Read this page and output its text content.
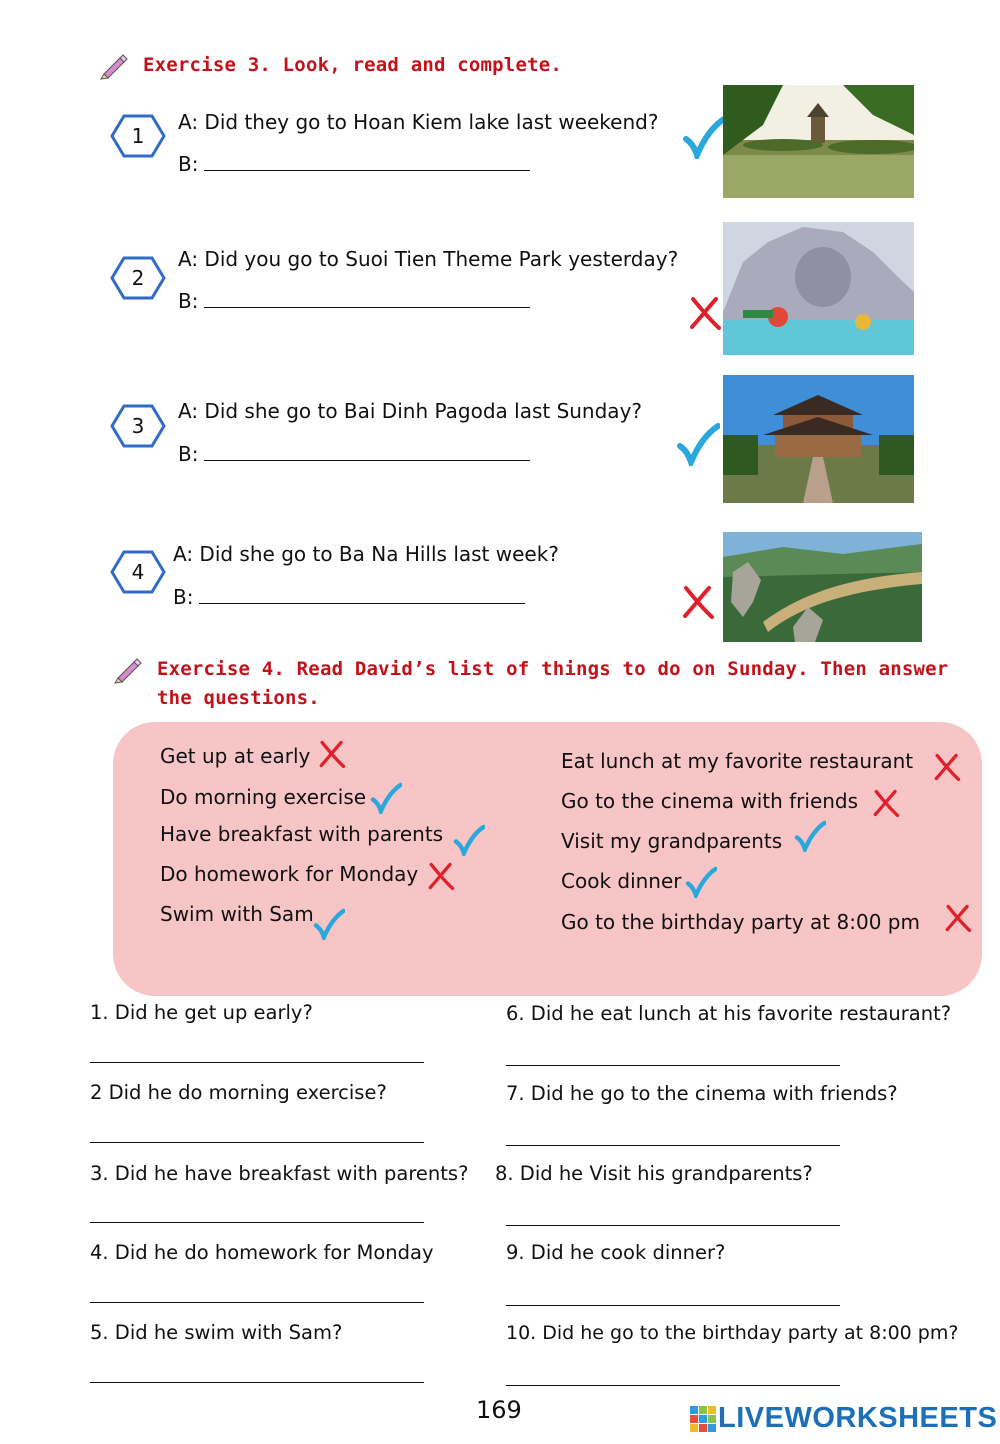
Exercise 3. Look, read and complete.
1
A: Did they go to Hoan Kiem lake last weekend?
B:
2
A: Did you go to Suoi Tien Theme Park yesterday?
B:
3
A: Did she go to Bai Dinh Pagoda last Sunday?
B:
4
A: Did she go to Ba Na Hills last week?
B:
Exercise 4. Read David’s list of things to do on Sunday. Then answer
the questions.
Get up at early
Do morning exercise
Have breakfast with parents
Do homework for Monday
Swim with Sam
Eat lunch at my favorite restaurant
Go to the cinema with friends
Visit my grandparents
Cook dinner
Go to the birthday party at 8:00 pm
1. Did he get up early?
2 Did he do morning exercise?
3. Did he have breakfast with parents?
4. Did he do homework for Monday
5. Did he swim with Sam?
6. Did he eat lunch at his favorite restaurant?
7. Did he go to the cinema with friends?
8. Did he Visit his grandparents?
9. Did he cook dinner?
10. Did he go to the birthday party at 8:00 pm?
169	LIVEWORKSHEETS
